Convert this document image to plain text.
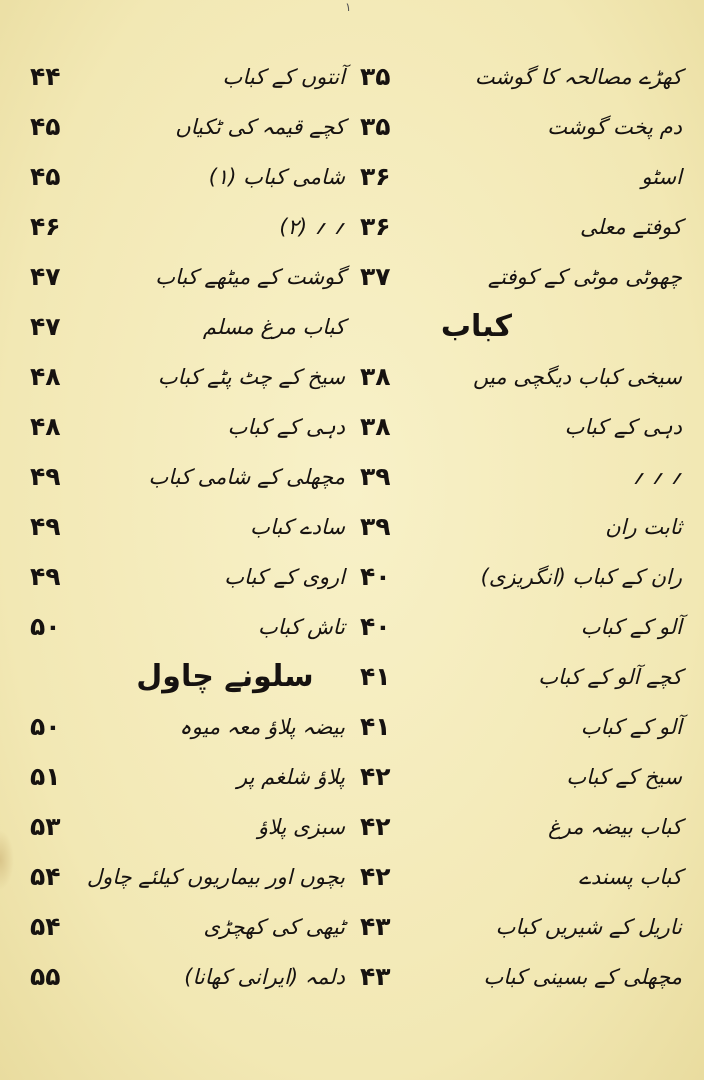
۱
کھڑے مصالحہ کا گوشت
دم پخت گوشت
اسٹو
کوفتے معلی
چھوٹی موٹی کے کوفتے
کباب
سیخی کباب دیگچی میں
دہی کے کباب
؍ ؍ ؍
ثابت ران
ران کے کباب (انگریزی)
آلو کے کباب
کچے آلو کے کباب
آلو کے کباب
سیخ کے کباب
کباب بیضہ مرغ
کباب پسندے
ناریل کے شیریں کباب
مچھلی کے بسینی کباب
۳۵
۳۵
۳۶
۳۶
۳۷
۳۸
۳۸
۳۹
۳۹
۴۰
۴۰
۴۱
۴۱
۴۲
۴۲
۴۲
۴۳
۴۳
آنتوں کے کباب
کچے قیمہ کی ٹکیاں
شامی کباب (۱)
؍ ؍ (۲)
گوشت کے میٹھے کباب
کباب مرغ مسلم
سیخ کے چٹ پٹے کباب
دہی کے کباب
مچھلی کے شامی کباب
سادے کباب
اروی کے کباب
تاش کباب
سلونے چاول
بیضہ پلاؤ معہ میوہ
پلاؤ شلغم پر
سبزی پلاؤ
بچوں اور بیماریوں کیلئے چاول
ٹیھی کی کھچڑی
دلمہ (ایرانی کھانا)
۴۴
۴۵
۴۵
۴۶
۴۷
۴۷
۴۸
۴۸
۴۹
۴۹
۴۹
۵۰
۵۰
۵۱
۵۳
۵۴
۵۴
۵۵
